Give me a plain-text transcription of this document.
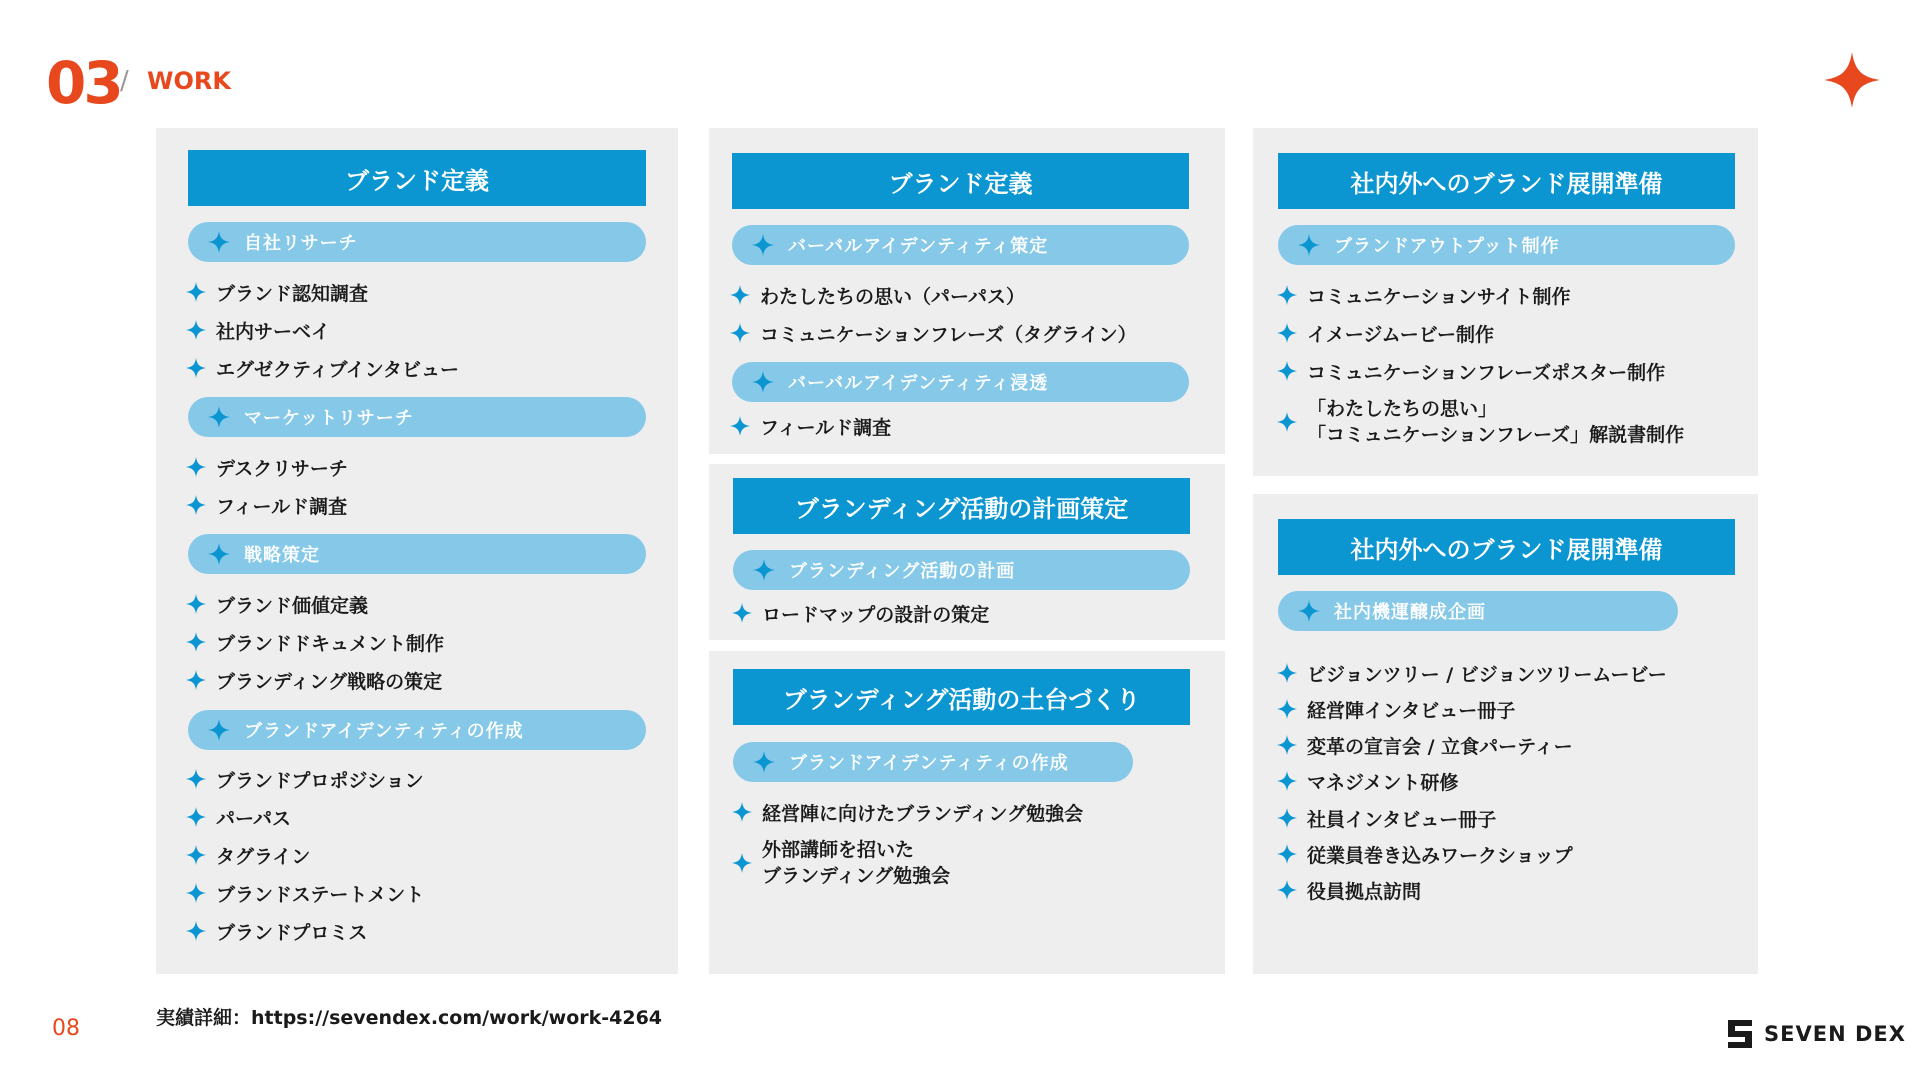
03 / WORK
ブランド定義
自社リサーチ
ブランド認知調査
社内サーベイ
エグゼクティブインタビュー
マーケットリサーチ
デスクリサーチ
フィールド調査
戦略策定
ブランド価値定義
ブランドドキュメント制作
ブランディング戦略の策定
ブランドアイデンティティの作成
ブランドプロポジション
パーパス
タグライン
ブランドステートメント
ブランドプロミス
ブランド定義
バーバルアイデンティティ策定
わたしたちの思い（パーパス）
コミュニケーションフレーズ（タグライン）
バーバルアイデンティティ浸透
フィールド調査
ブランディング活動の計画策定
ブランディング活動の計画
ロードマップの設計の策定
ブランディング活動の土台づくり
ブランドアイデンティティの作成
経営陣に向けたブランディング勉強会
外部講師を招いた
ブランディング勉強会
社内外へのブランド展開準備
ブランドアウトプット制作
コミュニケーションサイト制作
イメージムービー制作
コミュニケーションフレーズポスター制作
「わたしたちの思い」
「コミュニケーションフレーズ」解説書制作
社内外へのブランド展開準備
社内機運醸成企画
ビジョンツリー / ビジョンツリームービー
経営陣インタビュー冊子
変革の宣言会 / 立食パーティー
マネジメント研修
社員インタビュー冊子
従業員巻き込みワークショップ
役員拠点訪問
実績詳細：https://sevendex.com/work/work-4264
08	SEVEN DEX
